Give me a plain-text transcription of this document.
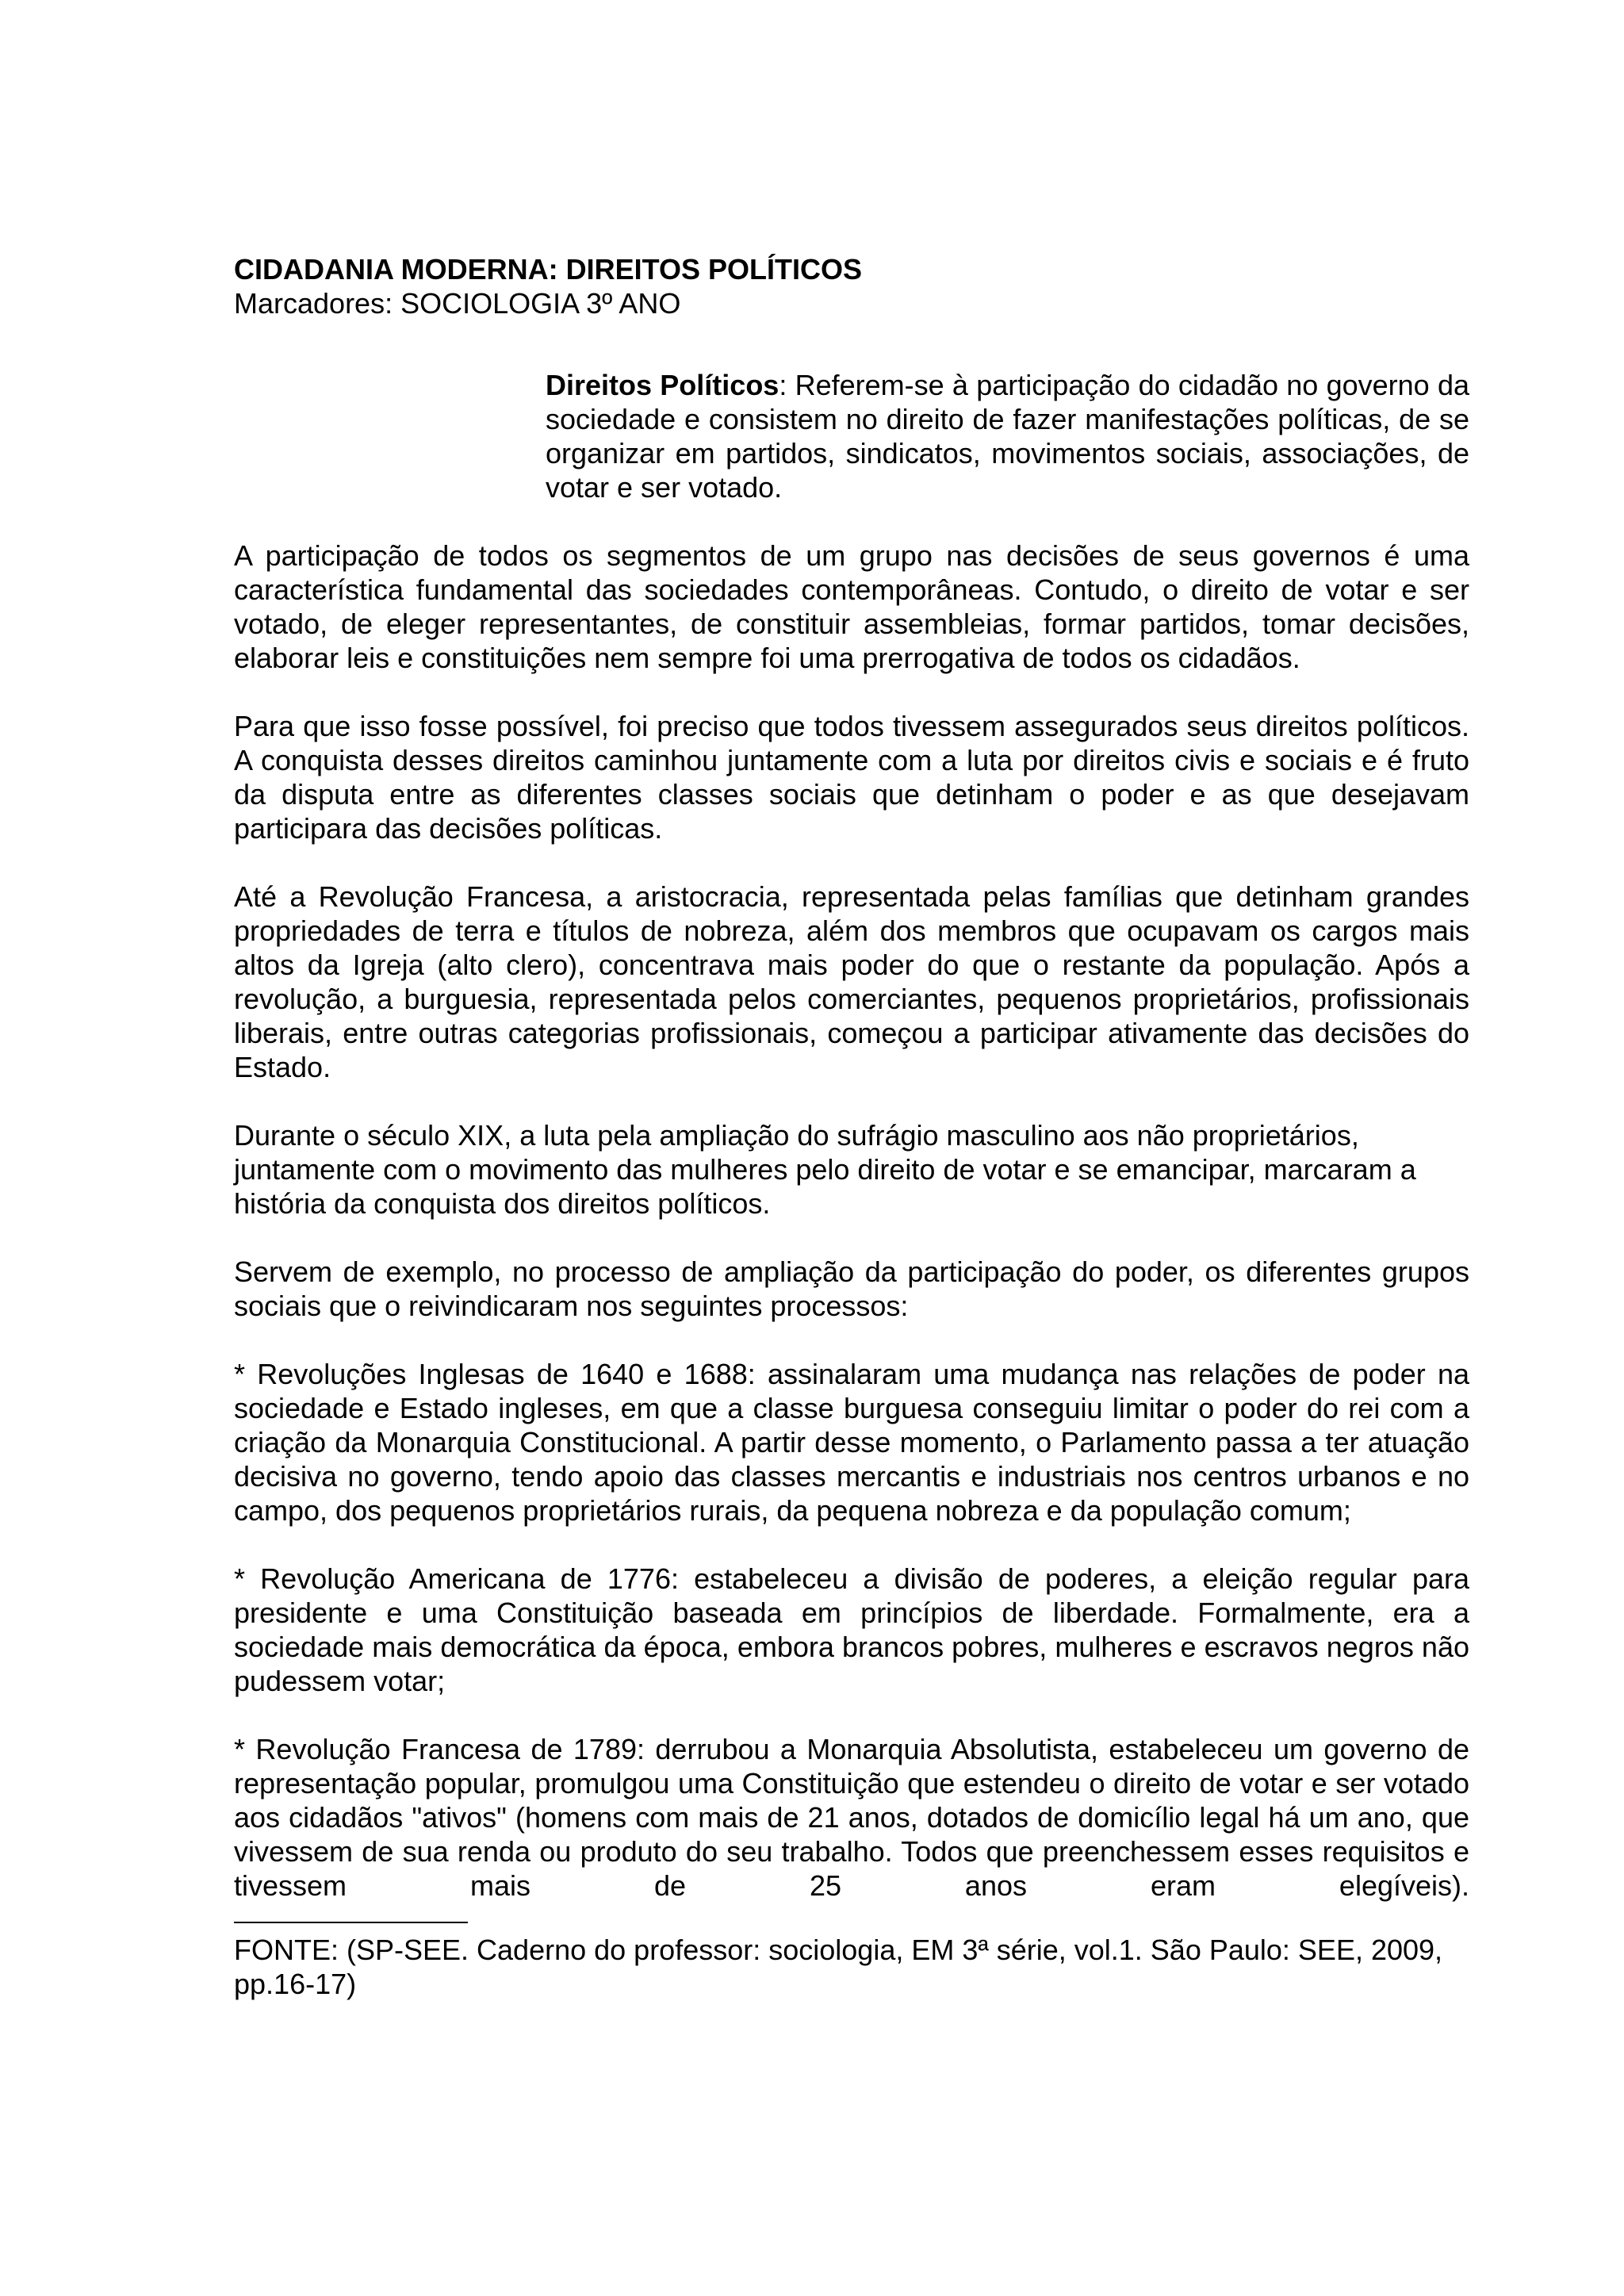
CIDADANIA MODERNA: DIREITOS POLÍTICOS

Marcadores: SOCIOLOGIA 3º ANO

Direitos Políticos: Referem-se à participação do cidadão no governo da sociedade e consistem no direito de fazer manifestações políticas, de se organizar em partidos, sindicatos, movimentos sociais, associações, de votar e ser votado.

A participação de todos os segmentos de um grupo nas decisões de seus governos é uma característica fundamental das sociedades contemporâneas. Contudo, o direito de votar e ser votado, de eleger representantes, de constituir assembleias, formar partidos, tomar decisões, elaborar leis e constituições nem sempre foi uma prerrogativa de todos os cidadãos.

Para que isso fosse possível, foi preciso que todos tivessem assegurados seus direitos políticos. A conquista desses direitos caminhou juntamente com a luta por direitos civis e sociais e é fruto da disputa entre as diferentes classes sociais que detinham o poder e as que desejavam participara das decisões políticas.

Até a Revolução Francesa, a aristocracia, representada pelas famílias que detinham grandes propriedades de terra e títulos de nobreza, além dos membros que ocupavam os cargos mais altos da Igreja (alto clero), concentrava mais poder do que o restante da população. Após a revolução, a burguesia, representada pelos comerciantes, pequenos proprietários, profissionais liberais, entre outras categorias profissionais, começou a participar ativamente das decisões do Estado.

Durante o século XIX, a luta pela ampliação do sufrágio masculino aos não proprietários, juntamente com o movimento das mulheres pelo direito de votar e se emancipar, marcaram a história da conquista dos direitos políticos.

Servem de exemplo, no processo de ampliação da participação do poder, os diferentes grupos sociais que o reivindicaram nos seguintes processos:

* Revoluções Inglesas de 1640 e 1688: assinalaram uma mudança nas relações de poder na sociedade e Estado ingleses, em que a classe burguesa conseguiu limitar o poder do rei com a criação da Monarquia Constitucional. A partir desse momento, o Parlamento passa a ter atuação decisiva no governo, tendo apoio das classes mercantis e industriais nos centros urbanos e no campo, dos pequenos proprietários rurais, da pequena nobreza e da população comum;

* Revolução Americana de 1776: estabeleceu a divisão de poderes, a eleição regular para presidente e uma Constituição baseada em princípios de liberdade. Formalmente, era a sociedade mais democrática da época, embora brancos pobres, mulheres e escravos negros não pudessem votar;

* Revolução Francesa de 1789: derrubou a Monarquia Absolutista, estabeleceu um governo de representação popular, promulgou uma Constituição que estendeu o direito de votar e ser votado aos cidadãos "ativos" (homens com mais de 21 anos, dotados de domicílio legal há um ano, que vivessem de sua renda ou produto do seu trabalho. Todos que preenchessem esses requisitos e tivessem mais de 25 anos eram elegíveis).

FONTE: (SP-SEE. Caderno do professor: sociologia, EM 3ª série, vol.1. São Paulo: SEE, 2009, pp.16-17)
